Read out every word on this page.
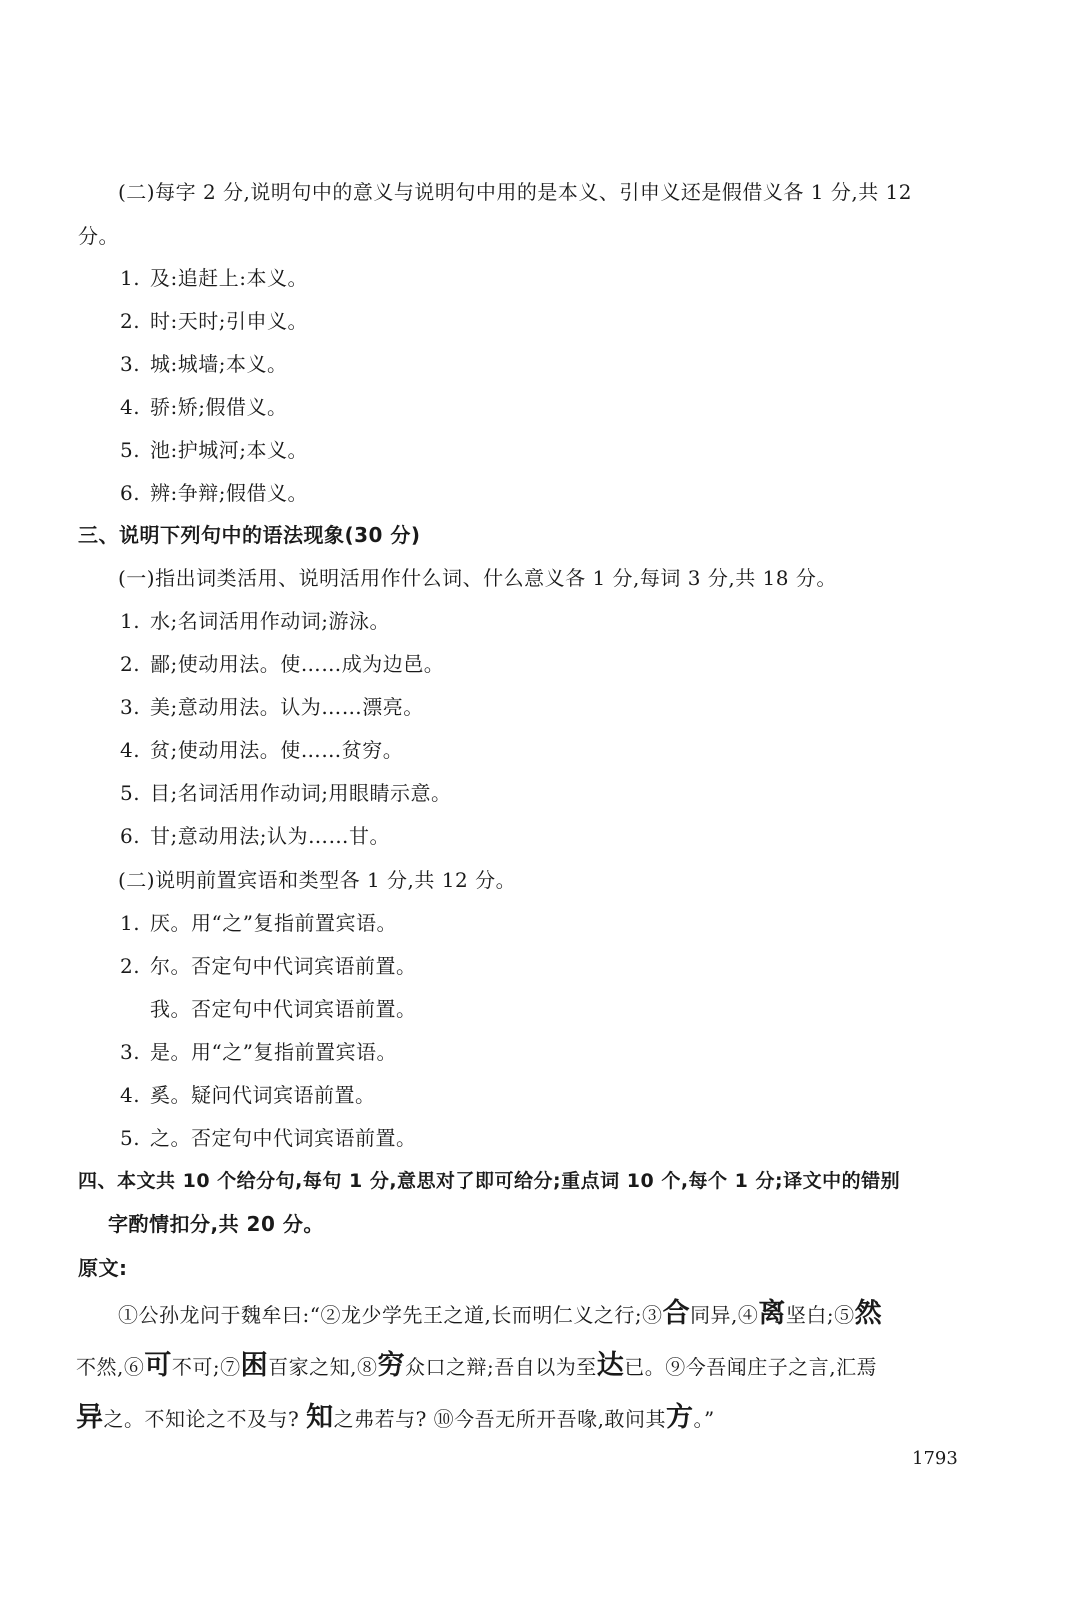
(二)每字 2 分,说明句中的意义与说明句中用的是本义、引申义还是假借义各 1 分,共 12
分。
1. 及:追赶上:本义。
2. 时:天时;引申义。
3. 城:城墙;本义。
4. 骄:矫;假借义。
5. 池:护城河;本义。
6. 辨:争辩;假借义。
三、说明下列句中的语法现象(30 分)
(一)指出词类活用、说明活用作什么词、什么意义各 1 分,每词 3 分,共 18 分。
1. 水;名词活用作动词;游泳。
2. 鄙;使动用法。使……成为边邑。
3. 美;意动用法。认为……漂亮。
4. 贫;使动用法。使……贫穷。
5. 目;名词活用作动词;用眼睛示意。
6. 甘;意动用法;认为……甘。
(二)说明前置宾语和类型各 1 分,共 12 分。
1. 厌。用“之”复指前置宾语。
2. 尔。否定句中代词宾语前置。
我。否定句中代词宾语前置。
3. 是。用“之”复指前置宾语。
4. 奚。疑问代词宾语前置。
5. 之。否定句中代词宾语前置。
四、本文共 10 个给分句,每句 1 分,意思对了即可给分;重点词 10 个,每个 1 分;译文中的错别
字酌情扣分,共 20 分。
原文:
①公孙龙问于魏牟曰:“②龙少学先王之道,长而明仁义之行;③合同异,④离坚白;⑤然
不然,⑥可不可;⑦困百家之知,⑧穷众口之辩;吾自以为至达已。⑨今吾闻庄子之言,汇焉
异之。不知论之不及与? 知之弗若与? ⑩今吾无所开吾喙,敢问其方。”
1793
